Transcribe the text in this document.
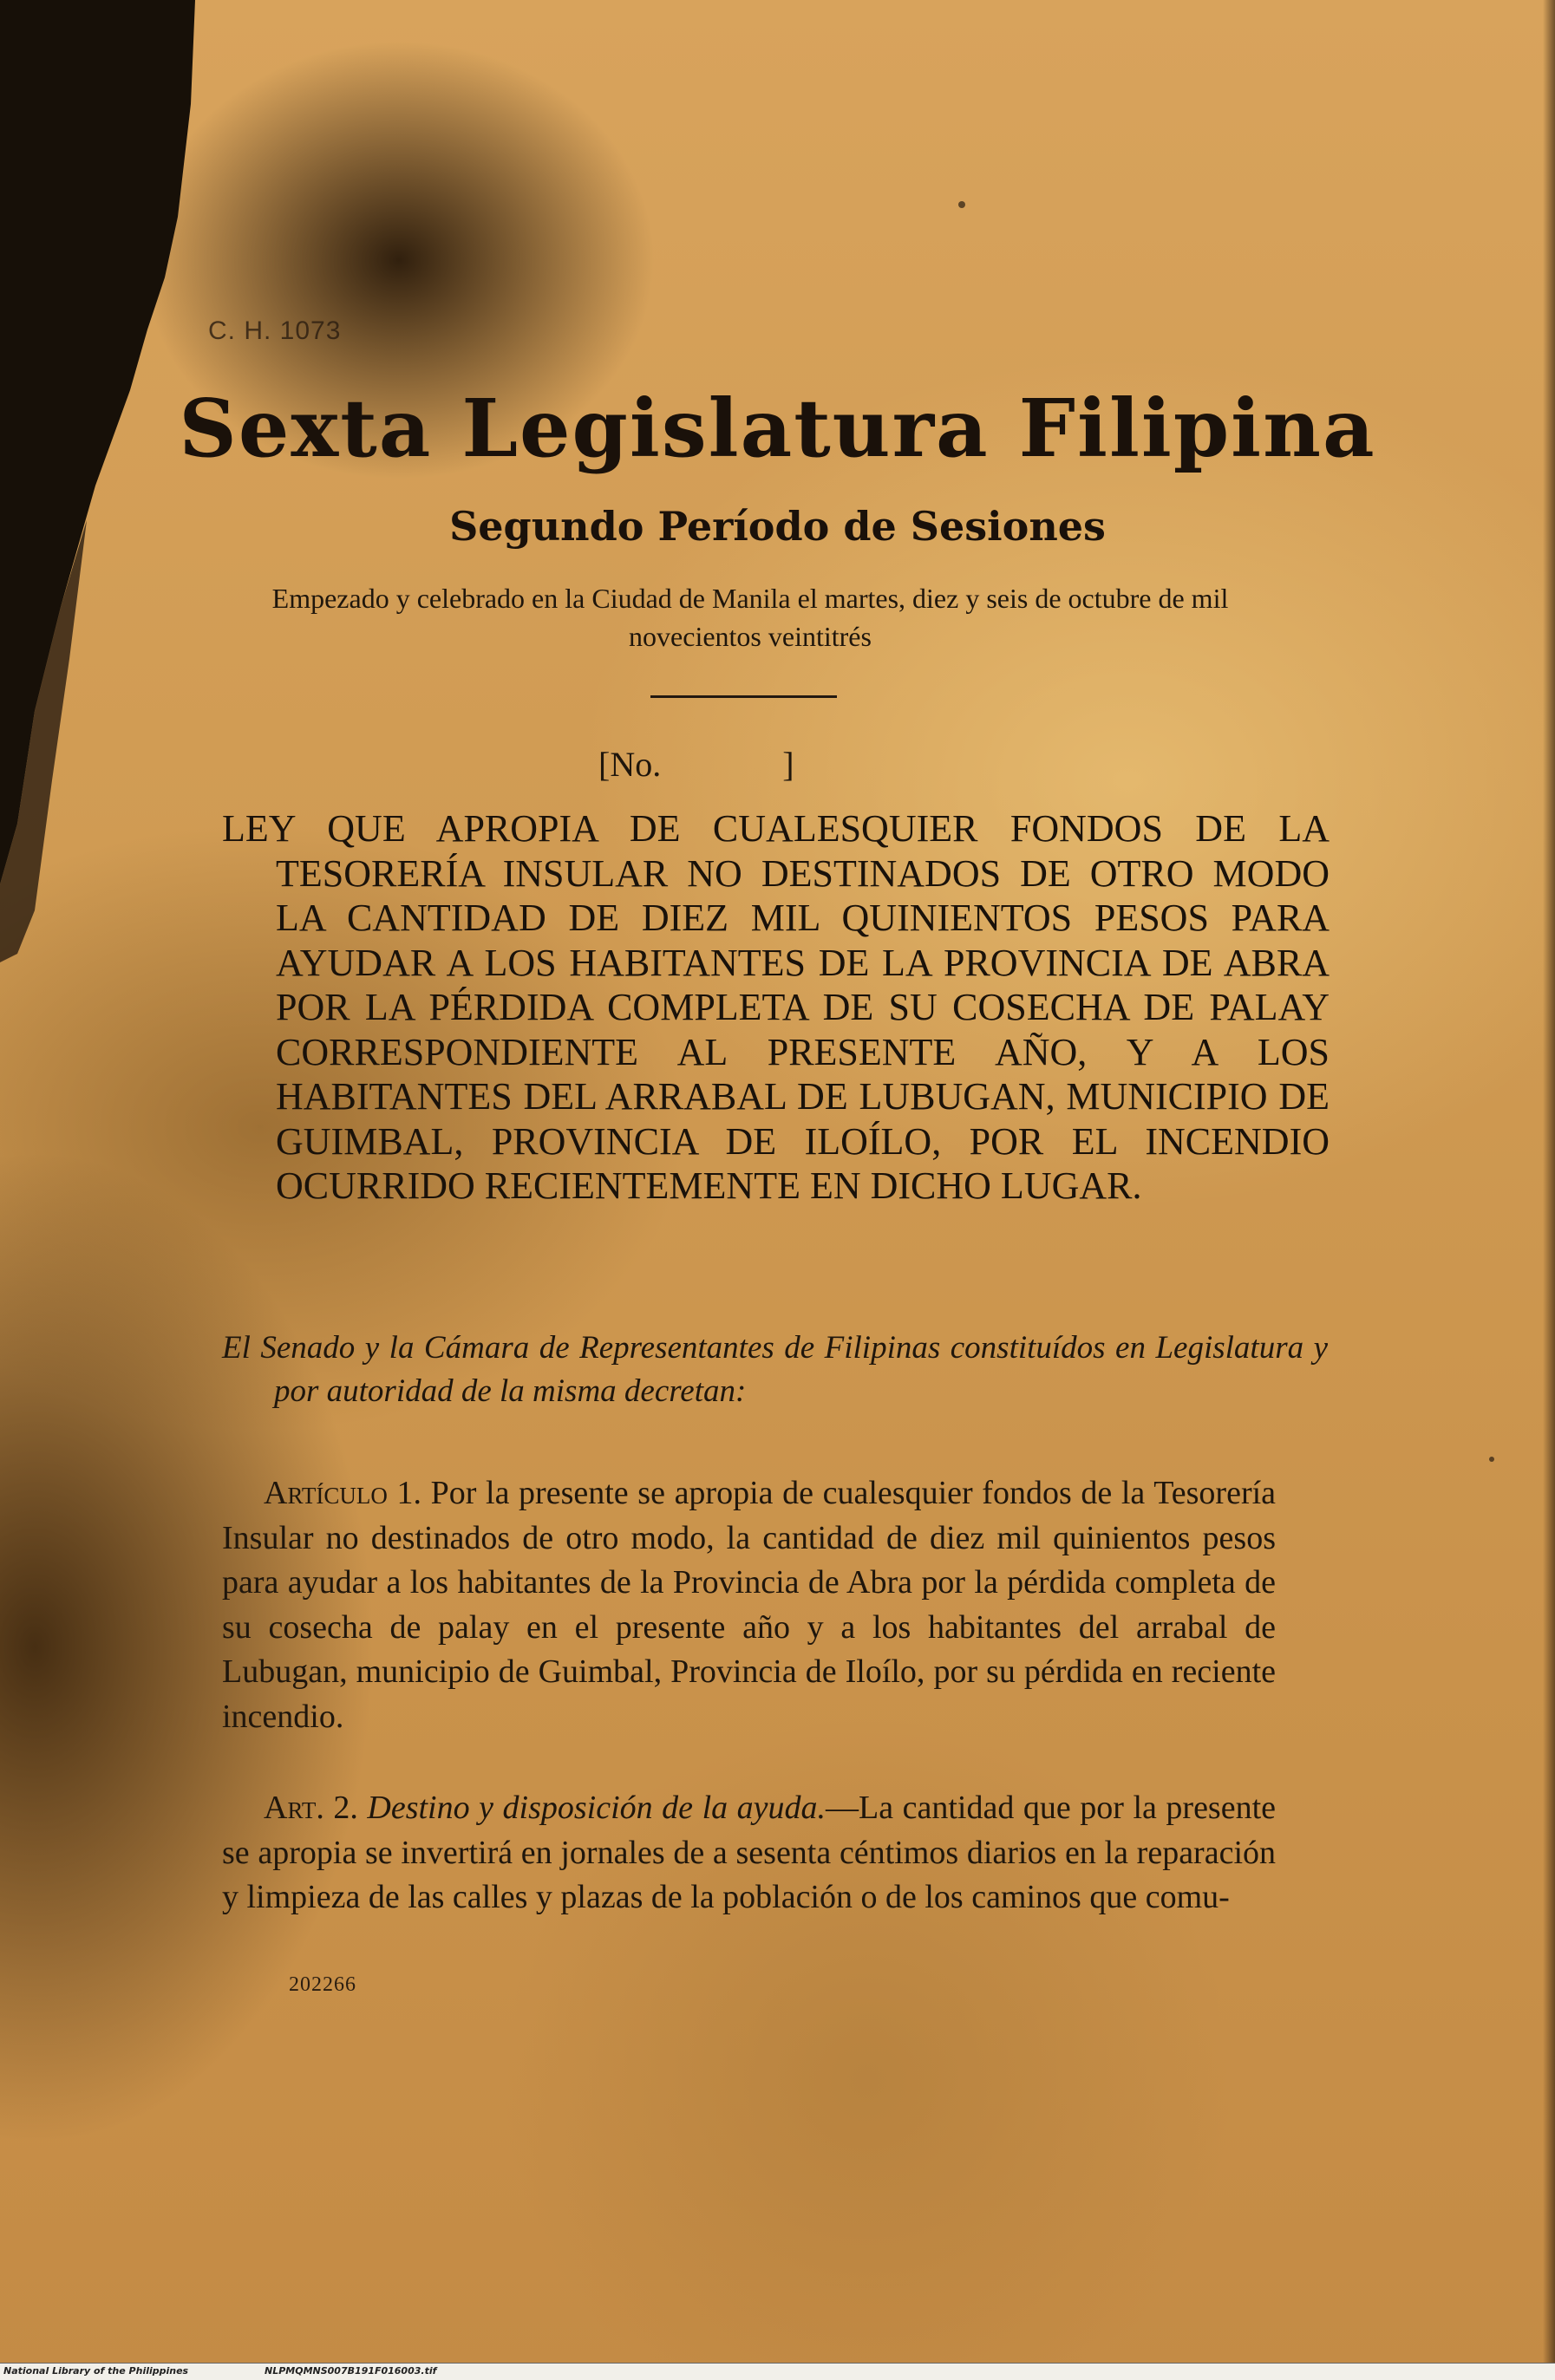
C. H. 1073
Sexta Legislatura Filipina
Segundo Período de Sesiones
Empezado y celebrado en la Ciudad de Manila el martes, diez y seis de octubre de mil novecientos veintitrés
[No.              ]
LEY QUE APROPIA DE CUALESQUIER FONDOS DE LA TESORERÍA INSULAR NO DESTINADOS DE OTRO MODO LA CANTIDAD DE DIEZ MIL QUINIENTOS PESOS PARA AYUDAR A LOS HABITANTES DE LA PROVINCIA DE ABRA POR LA PÉRDIDA COMPLETA DE SU COSECHA DE PALAY CORRESPONDIENTE AL PRESENTE AÑO, Y A LOS HABITANTES DEL ARRABAL DE LUBUGAN, MUNICIPIO DE GUIMBAL, PROVINCIA DE ILOÍLO, POR EL INCENDIO OCURRIDO RECIENTEMENTE EN DICHO LUGAR.
El Senado y la Cámara de Representantes de Filipinas constituídos en Legislatura y por autoridad de la misma decretan:
Artículo 1. Por la presente se apropia de cualesquier fondos de la Tesorería Insular no destinados de otro modo, la cantidad de diez mil quinientos pesos para ayudar a los habitantes de la Provincia de Abra por la pérdida completa de su cosecha de palay en el presente año y a los habitantes del arrabal de Lubugan, municipio de Guimbal, Provincia de Iloílo, por su pérdida en reciente incendio.
Art. 2. Destino y disposición de la ayuda.—La cantidad que por la presente se apropia se invertirá en jornales de a sesenta céntimos diarios en la reparación y limpieza de las calles y plazas de la población o de los caminos que comu-
202266
National Library of the Philippines	NLPMQMNS007B191F016003.tif
